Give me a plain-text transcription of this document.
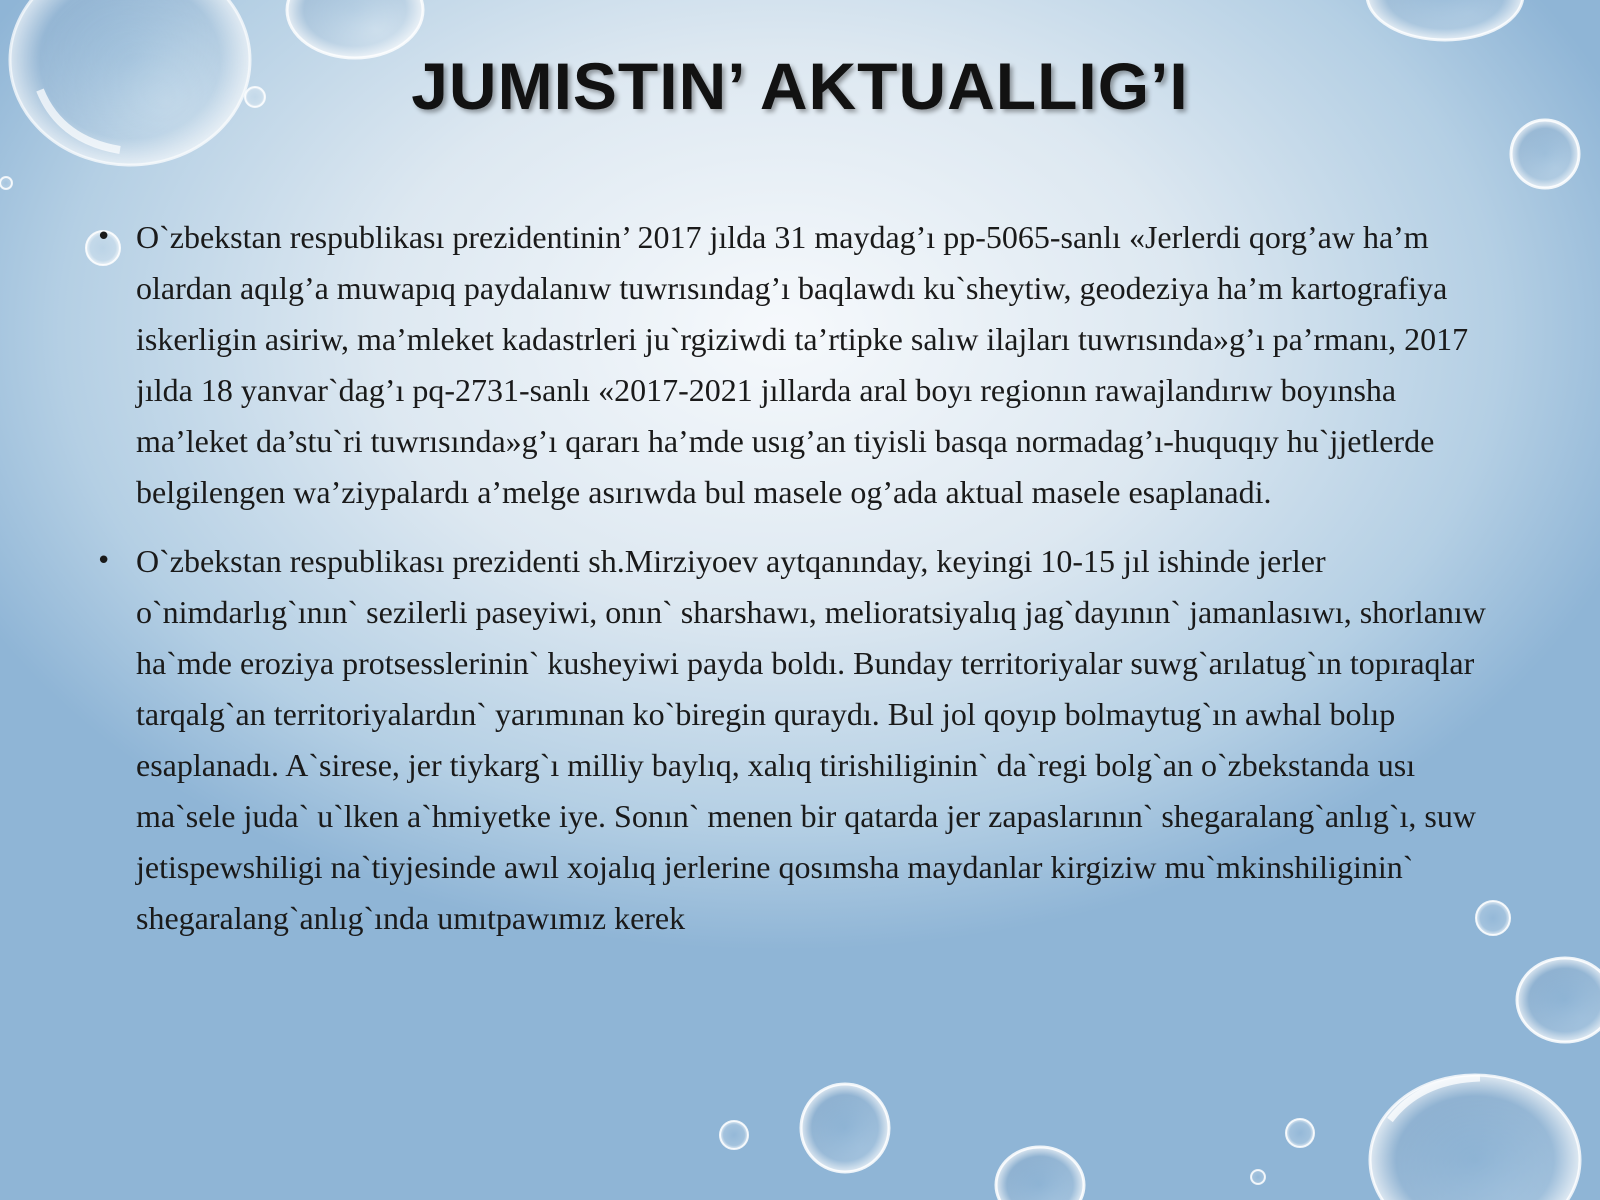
JUMISTIN’ AKTUALLIG’I
• O`zbekstan respublikası prezidentinin’ 2017 jılda 31 maydag’ı pp-5065-sanlı «Jerlerdi qorg’aw ha’m olardan aqılg’a muwapıq paydalanıw tuwrısındag’ı baqlawdı ku`sheytiw, geodeziya ha’m kartografiya iskerligin asiriw, ma’mleket kadastrleri ju`rgiziwdi ta’rtipke salıw ilajları tuwrısında»g’ı pa’rmanı, 2017 jılda 18 yanvar`dag’ı pq-2731-sanlı «2017-2021 jıllarda aral boyı regionın rawajlandırıw boyınsha ma’leket da’stu`ri tuwrısında»g’ı qararı ha’mde usıg’an tiyisli basqa normadag’ı-huquqıy hu`jjetlerde belgilengen wa’ziypalardı a’melge asırıwda bul masele og’ada aktual masele esaplanadi.
• O`zbekstan respublikası prezidenti sh.Mirziyoev aytqanınday, keyingi 10-15 jıl ishinde jerler o`nimdarlıg`ının` sezilerli paseyiwi, onın` sharshawı, melioratsiyalıq jag`dayının` jamanlasıwı, shorlanıw ha`mde eroziya protsesslerinin` kusheyiwi payda boldı. Bunday territoriyalar suwg`arılatug`ın topıraqlar tarqalg`an territoriyalardın` yarımınan ko`biregin quraydı. Bul jol qoyıp bolmaytug`ın awhal bolıp esaplanadı. A`sirese, jer tiykarg`ı milliy baylıq, xalıq tirishiliginin` da`regi bolg`an o`zbekstanda usı ma`sele juda` u`lken a`hmiyetke iye. Sonın` menen bir qatarda jer zapaslarının` shegaralang`anlıg`ı, suw jetispewshiligi na`tiyjesinde awıl xojalıq jerlerine qosımsha maydanlar kirgiziw mu`mkinshiliginin` shegaralang`anlıg`ında umıtpawımız kerek
